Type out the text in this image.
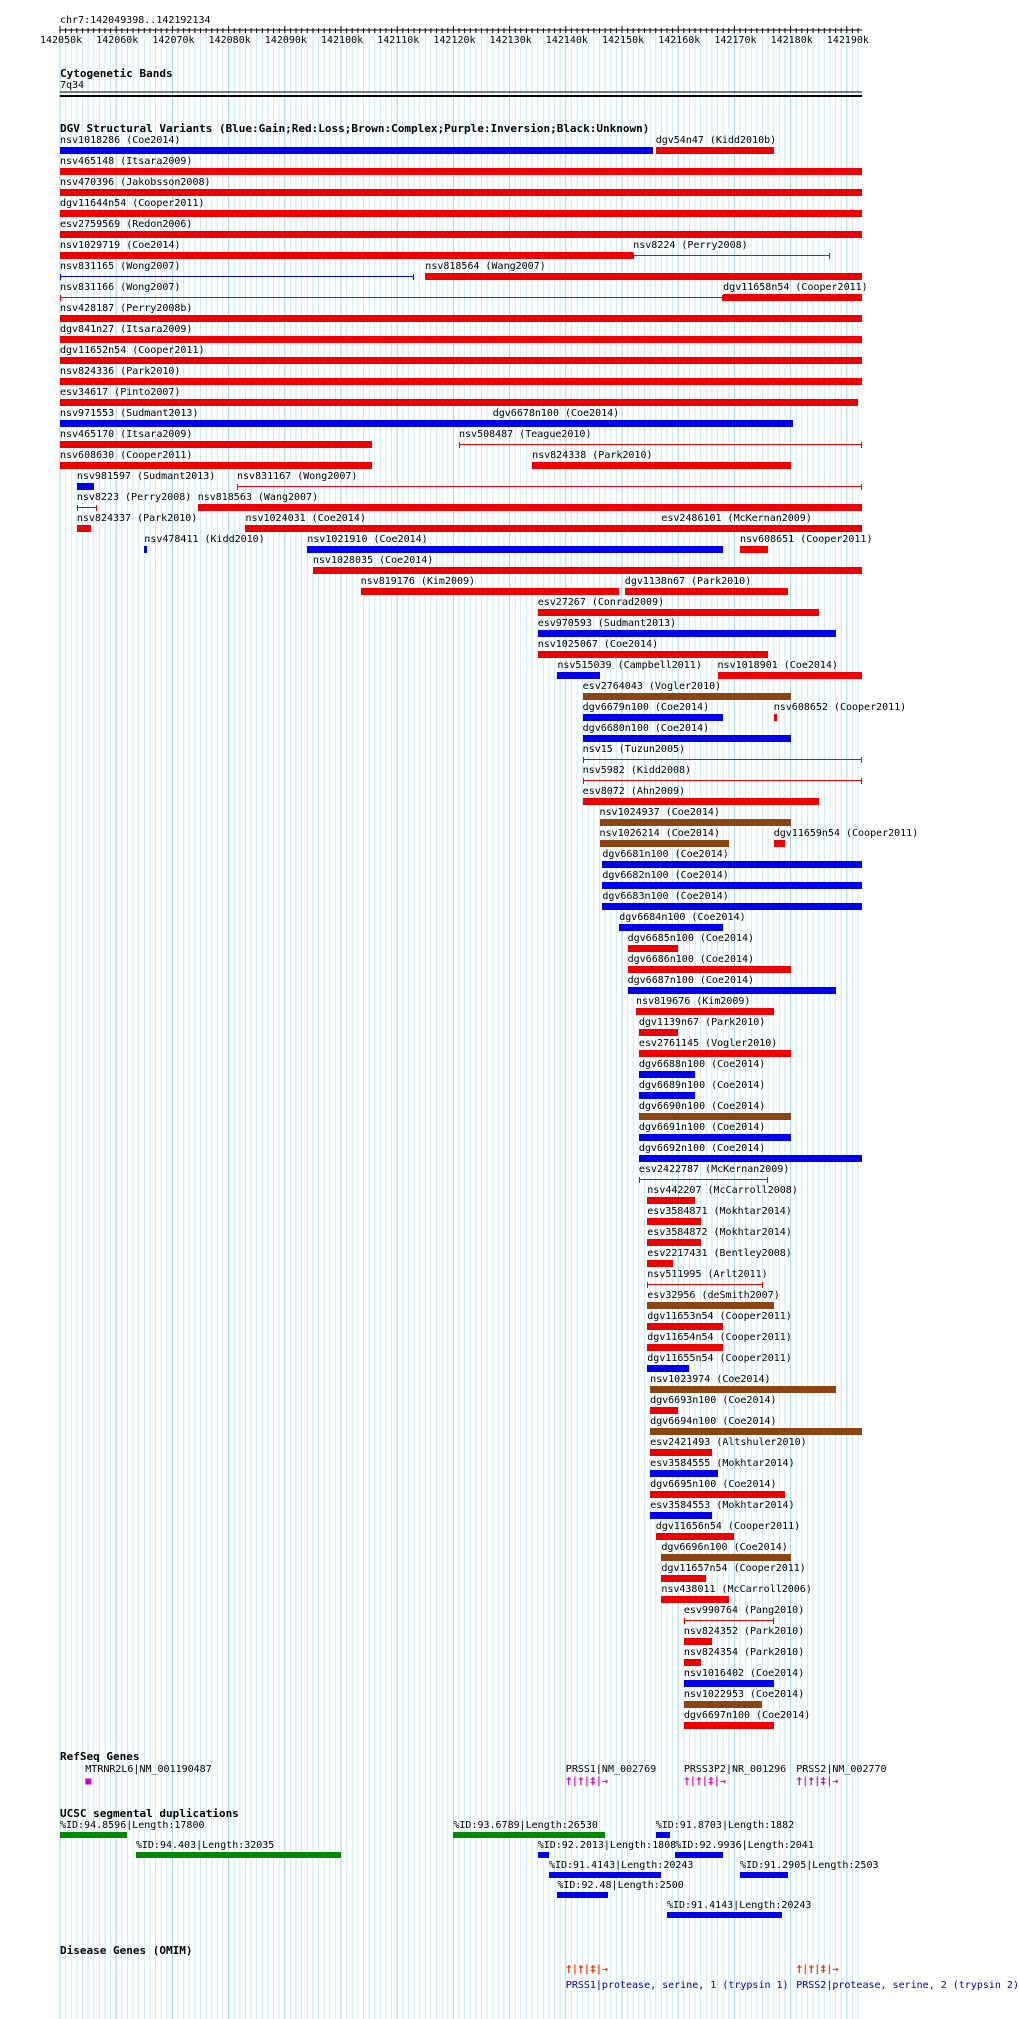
chr7:142049398..142192134
142050k 142060k 142070k 142080k 142090k 142100k 142110k 142120k 142130k 142140k 142150k 142160k 142170k 142180k 142190k
Cytogenetic Bands
7q34
DGV Structural Variants (Blue:Gain;Red:Loss;Brown:Complex;Purple:Inversion;Black:Unknown)
nsv1018286 (Coe2014)	dgv54n47 (Kidd2010b)
nsv465148 (Itsara2009)
nsv470396 (Jakobsson2008)
dgv11644n54 (Cooper2011)
esv2759569 (Redon2006)
nsv1029719 (Coe2014)	nsv8224 (Perry2008)
nsv831165 (Wong2007)	nsv818564 (Wang2007)
nsv831166 (Wong2007)	dgv11658n54 (Cooper2011)
nsv428187 (Perry2008b)
dgv841n27 (Itsara2009)
dgv11652n54 (Cooper2011)
nsv824336 (Park2010)
esv34617 (Pinto2007)
nsv971553 (Sudmant2013)	dgv6678n100 (Coe2014)
nsv465170 (Itsara2009)	nsv508487 (Teague2010)
nsv608630 (Cooper2011)	nsv824338 (Park2010)
nsv981597 (Sudmant2013) nsv831167 (Wong2007)
nsv8223 (Perry2008) nsv818563 (Wang2007)
nsv824337 (Park2010)	nsv1024031 (Coe2014)	esv2486101 (McKernan2009)
nsv478411 (Kidd2010)	nsv1021910 (Coe2014)	nsv608651 (Cooper2011)
nsv1028035 (Coe2014)
nsv819176 (Kim2009)	dgv1138n67 (Park2010)
esv27267 (Conrad2009)
esv970593 (Sudmant2013)
nsv1025067 (Coe2014)
nsv515039 (Campbell2011) nsv1018901 (Coe2014)
esv2764043 (Vogler2010)
dgv6679n100 (Coe2014)	nsv608652 (Cooper2011)
dgv6680n100 (Coe2014)
nsv15 (Tuzun2005)
nsv5982 (Kidd2008)
esv8072 (Ahn2009)
nsv1024937 (Coe2014)
nsv1026214 (Coe2014)	dgv11659n54 (Cooper2011)
dgv6681n100 (Coe2014)
dgv6682n100 (Coe2014)
dgv6683n100 (Coe2014)
dgv6684n100 (Coe2014)
dgv6685n100 (Coe2014)
dgv6686n100 (Coe2014)
dgv6687n100 (Coe2014)
nsv819676 (Kim2009)
dgv1139n67 (Park2010)
esv2761145 (Vogler2010)
dgv6688n100 (Coe2014)
dgv6689n100 (Coe2014)
dgv6690n100 (Coe2014)
dgv6691n100 (Coe2014)
dgv6692n100 (Coe2014)
esv2422787 (McKernan2009)
nsv442207 (McCarroll2008)
esv3584871 (Mokhtar2014)
esv3584872 (Mokhtar2014)
esv2217431 (Bentley2008)
nsv511995 (Arlt2011)
esv32956 (deSmith2007)
dgv11653n54 (Cooper2011)
dgv11654n54 (Cooper2011)
dgv11655n54 (Cooper2011)
nsv1023974 (Coe2014)
dgv6693n100 (Coe2014)
dgv6694n100 (Coe2014)
esv2421493 (Altshuler2010)
esv3584555 (Mokhtar2014)
dgv6695n100 (Coe2014)
esv3584553 (Mokhtar2014)
dgv11656n54 (Cooper2011)
dgv6696n100 (Coe2014)
dgv11657n54 (Cooper2011)
nsv438011 (McCarroll2006)
esv990764 (Pang2010)
nsv824352 (Park2010)
nsv824354 (Park2010)
nsv1016402 (Coe2014)
nsv1022953 (Coe2014)
dgv6697n100 (Coe2014)
RefSeq Genes
MTRNR2L6|NM_001190487
■
PRSS1|NM_002769
†|†|‡|→
PRSS3P2|NR_001296
†|†|‡|→
PRSS2|NM_002770
†|†|‡|→
UCSC segmental duplications
%ID:94.8596|Length:17800
%ID:94.403|Length:32035
%ID:93.6789|Length:26530	%ID:91.8703|Length:1882
%ID:92.2013|Length:1808 %ID:92.9936|Length:2041
%ID:91.4143|Length:20243	%ID:91.2905|Length:2503
%ID:92.48|Length:2500
%ID:91.4143|Length:20243
Disease Genes (OMIM)
†|†|‡|→
PRSS1|protease, serine, 1 (trypsin 1)
†|†|‡|→
PRSS2|protease, serine, 2 (trypsin 2)
